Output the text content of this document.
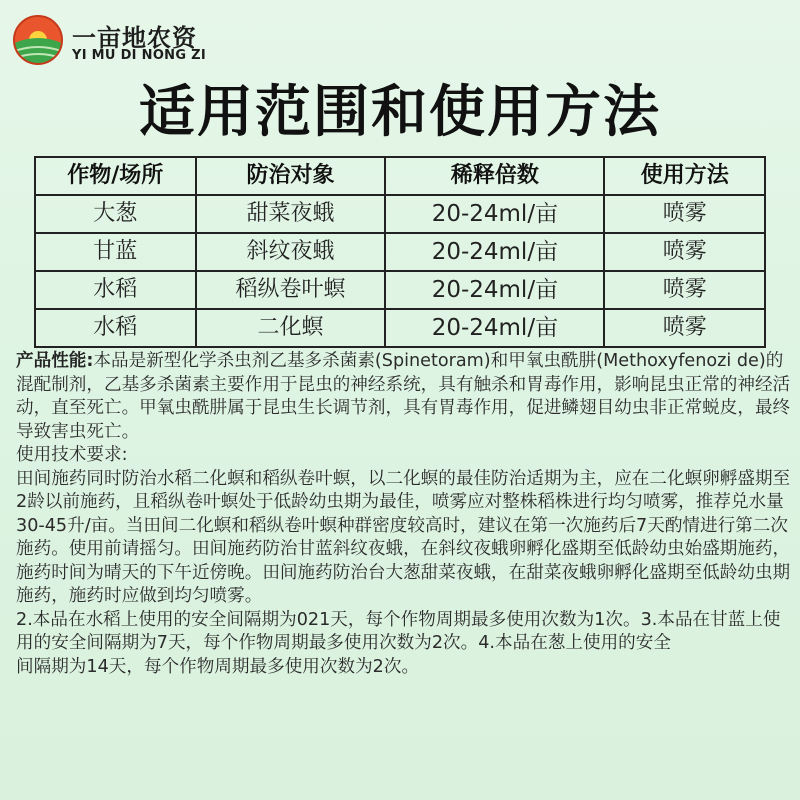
一亩地农资
YI MU DI NONG ZI
适用范围和使用方法
作物/场所	防治对象	稀释倍数	使用方法
大葱	甜菜夜蛾	20-24ml/亩	喷雾
甘蓝	斜纹夜蛾	20-24ml/亩	喷雾
水稻	稻纵卷叶螟	20-24ml/亩	喷雾
水稻	二化螟	20-24ml/亩	喷雾

产品性能:本品是新型化学杀虫剂乙基多杀菌素(Spinetoram)和甲氧虫酰肼(Methoxyfenozi de)的混配制剂，乙基多杀菌素主要作用于昆虫的神经系统，具有触杀和胃毒作用，影响昆虫正常的神经活动，直至死亡。甲氧虫酰肼属于昆虫生长调节剂，具有胃毒作用，促进鳞翅目幼虫非正常蜕皮，最终导致害虫死亡。

使用技术要求:

田间施药同时防治水稻二化螟和稻纵卷叶螟，以二化螟的最佳防治适期为主，应在二化螟卵孵盛期至2龄以前施药，且稻纵卷叶螟处于低龄幼虫期为最佳，喷雾应对整株稻株进行均匀喷雾，推荐兑水量30-45升/亩。当田间二化螟和稻纵卷叶螟种群密度较高时，建议在第一次施药后7天酌情进行第二次施药。使用前请摇匀。田间施药防治甘蓝斜纹夜蛾，在斜纹夜蛾卵孵化盛期至低龄幼虫始盛期施药，施药时间为晴天的下午近傍晚。田间施药防治台大葱甜菜夜蛾，在甜菜夜蛾卵孵化盛期至低龄幼虫期施药，施药时应做到均匀喷雾。

2.本品在水稻上使用的安全间隔期为021天，每个作物周期最多使用次数为1次。3.本品在甘蓝上使用的安全间隔期为7天，每个作物周期最多使用次数为2次。4.本品在葱上使用的安全

间隔期为14天，每个作物周期最多使用次数为2次。
